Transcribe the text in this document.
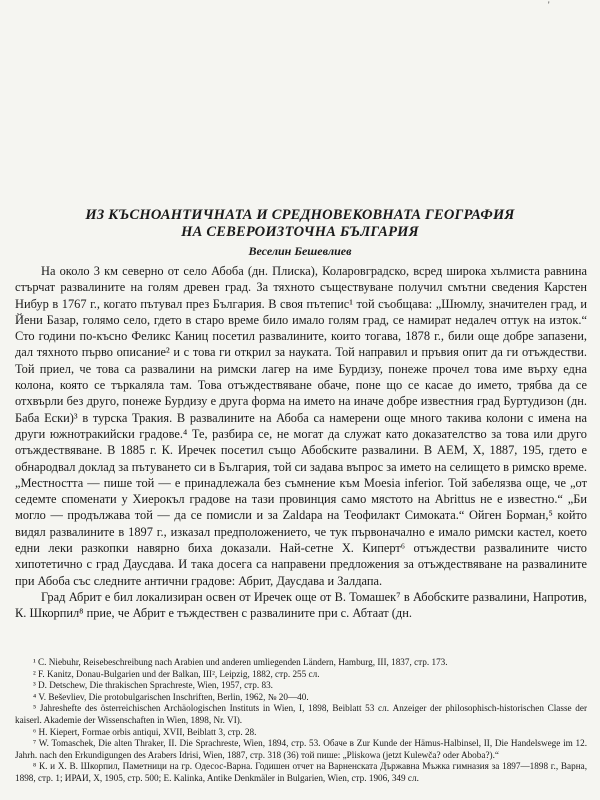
'
ИЗ КЪСНОАНТИЧНАТА И СРЕДНОВЕКОВНАТА ГЕОГРАФИЯ
НА СЕВЕРОИЗТОЧНА БЪЛГАРИЯ
Веселин Бешевлиев

На около 3 км северно от село Абоба (дн. Плиска), Коларовградско, всред широка хълмиста равнина стърчат развалините на голям древен град. За тяхното съществуване получил смътни сведения Карстен Нибур в 1767 г., когато пътувал през България. В своя пътепис¹ той съобщава: „Шюмлу, значителен град, и Йени Базар, голямо село, гдето в старо време било имало голям град, се намират недалеч оттук на изток.“ Сто години по-късно Феликс Каниц посетил развалините, които тогава, 1878 г., били още добре запазени, дал тяхното първо описание² и с това ги открил за науката. Той направил и пръвия опит да ги отъждестви. Той приел, че това са развалини на римски лагер на име Бурдизу, понеже прочел това име върху една колона, която се търкаляла там. Това отъждествяване обаче, поне що се касае до името, трябва да се отхвърли без друго, понеже Бурдизу е друга форма на името на иначе добре известния град Буртудизон (дн. Баба Ески)³ в турска Тракия. В развалините на Абоба са намерени още много такива колони с имена на други южнотракийски градове.⁴ Те, разбира се, не могат да служат като доказателство за това или друго отъждествяване. В 1885 г. К. Иречек посетил също Абобските развалини. В АЕМ, X, 1887, 195, гдето е обнародвал доклад за пътуването си в България, той си задава въпрос за името на селището в римско време. „Местността — пише той — е принадлежала без съмнение към Moesia inferior. Той забелязва още, че „от седемте споменати у Хиерокъл градове на тази провинция само мястото на Abrittus не е известно.“ „Би могло — продължава той — да се помисли и за Zaldapa на Теофилакт Симоката.“ Ойген Борман,⁵ който видял развалините в 1897 г., изказал предположението, че тук първоначално е имало римски кастел, което едни леки разкопки навярно биха доказали. Най-сетне Х. Киперт⁶ отъждестви развалините чисто хипотетично с град Даусдава. И така досега са направени предложения за отъждествяване на развалините при Абоба със следните антични градове: Абрит, Даусдава и Залдапа.

Град Абрит е бил локализиран освен от Иречек още от В. Томашек⁷ в Абобските развалини, Напротив, К. Шкорпил⁸ прие, че Абрит е тъждествен с развалините при с. Абтаат (дн.

¹ C. Niebuhr, Reisebeschreibung nach Arabien und anderen umliegenden Ländern, Hamburg, III, 1837, стр. 173.
² F. Kanitz, Donau-Bulgarien und der Balkan, III², Leipzig, 1882, стр. 255 сл.
³ D. Detschew, Die thrakischen Sprachreste, Wien, 1957, стр. 83.
⁴ V. Beševliev, Die protobulgarischen Inschriften, Berlin, 1962, № 20—40.
⁵ Jahreshefte des österreichischen Archäologischen Instituts in Wien, I, 1898, Beiblatt 53 сл. Anzeiger der philosophisch-historischen Classe der kaiserl. Akademie der Wissenschaften in Wien, 1898, Nr. VI).
⁶ H. Kiepert, Formae orbis antiqui, XVII, Beiblatt 3, стр. 28.
⁷ W. Tomaschek, Die alten Thraker, II. Die Sprachreste, Wien, 1894, стр. 53. Обаче в Zur Kunde der Hämus-Halbinsel, II, Die Handelswege im 12. Jahrh. nach den Erkundigungen des Arabers Idrisi, Wien, 1887, стр. 318 (36) той пише: „Pliskowa (jetzt Kulewča? oder Aboba?).“
⁸ К. и Х. В. Шкорпил, Паметници на гр. Одесос-Варна. Годишен отчет на Варненската Държавна Мъжка гимназия за 1897—1898 г., Варна, 1898, стр. 1; ИРАИ, X, 1905, стр. 500; E. Kalinka, Antike Denkmäler in Bulgarien, Wien, стр. 1906, 349 сл.
